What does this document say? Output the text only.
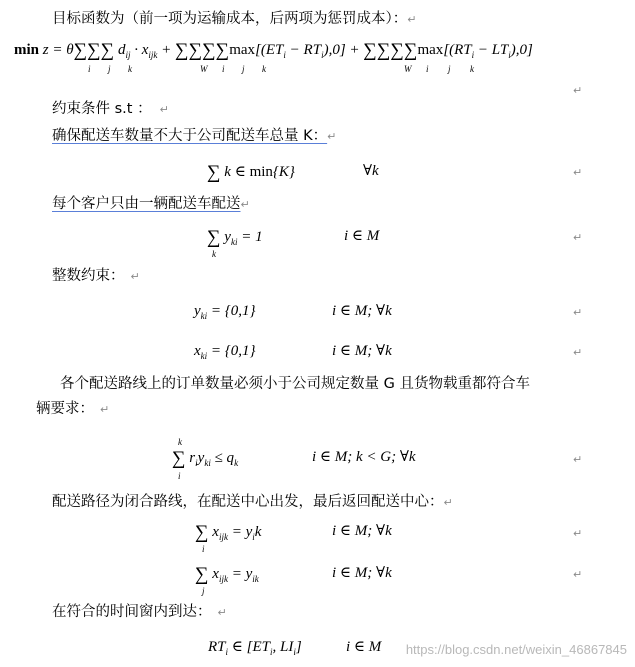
目标函数为（前一项为运输成本，后两项为惩罚成本）：↵
min z = θ∑∑∑ dij · xijk + ∑∑∑∑max[(ETi − RTi),0] + ∑∑∑∑max[(RTi − LTi),0]
i j k	W i j k	W i j k
↵
约束条件 s.t ： ↵
确保配送车数量不大于公司配送车总量 K：↵
∑ k ∈ min{K}	∀k	↵
每个客户只由一辆配送车配送↵
∑ yki = 1
k
i ∈ M	↵
整数约束： ↵
yki = {0,1}	i ∈ M; ∀k	↵
xki = {0,1}	i ∈ M; ∀k	↵
各个配送路线上的订单数量必须小于公司规定数量 G 且货物载重都符合车
辆要求： ↵
k
∑ riyki ≤ qk
i
i ∈ M; k < G; ∀k	↵
配送路径为闭合路线，在配送中心出发，最后返回配送中心：↵
∑ xijk = yik
i
i ∈ M; ∀k	↵
∑ xijk = yik
j
i ∈ M; ∀k	↵
在符合的时间窗内到达： ↵
RTi ∈ [ETi, LIi]	i ∈ M https://blog.csdn.net/weixin_46867845
